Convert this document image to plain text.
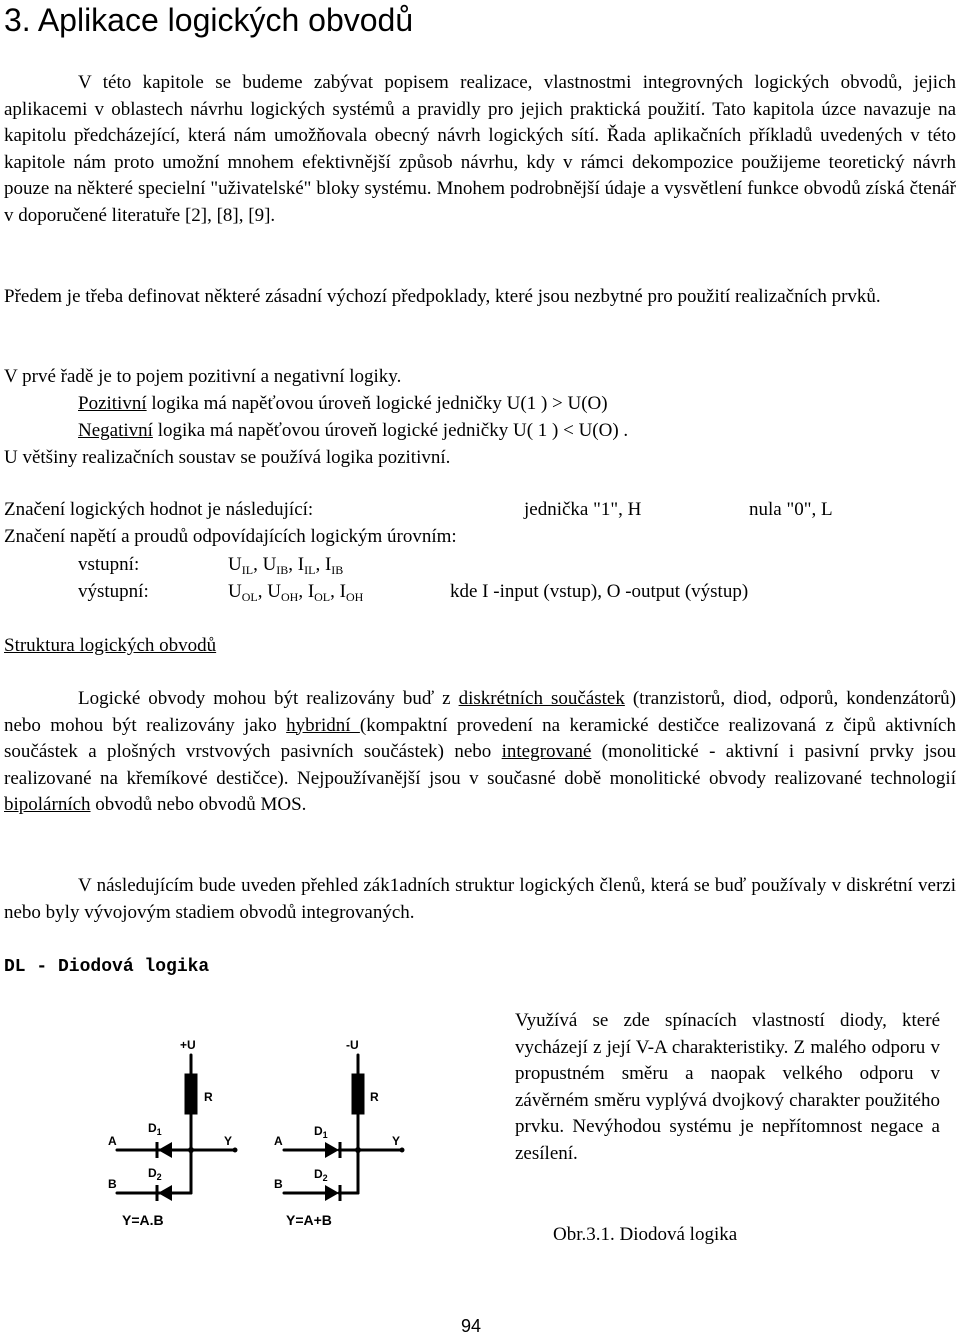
3. Aplikace logických obvodů

V této kapitole se budeme zabývat popisem realizace, vlastnostmi integrovných logických obvodů, jejich aplikacemi v oblastech návrhu logických systémů a pravidly pro jejich praktická použití. Tato kapitola úzce navazuje na kapitolu předcházející, která nám umožňovala obecný návrh logických sítí. Řada aplikačních příkladů uvedených v této kapitole nám proto umožní mnohem efektivnější způsob návrhu, kdy v rámci dekompozice použijeme teoretický návrh pouze na některé specielní "uživatelské" bloky systému. Mnohem podrobnější údaje a vysvětlení funkce obvodů získá čtenář v doporučené literatuře [2], [8], [9].

Předem je třeba definovat některé zásadní výchozí předpoklady, které jsou nezbytné pro použití realizačních prvků.

V prvé řadě je to pojem pozitivní a negativní logiky.
Pozitivní logika má napěťovou úroveň logické jedničky U(1 ) > U(O)
Negativní logika má napěťovou úroveň logické jedničky U( 1 ) < U(O) .
U většiny realizačních soustav se používá logika pozitivní.
Značení logických hodnot je následující:	jednička "1", H	nula "0", L
Značení napětí a proudů odpovídajících logickým úrovním:
vstupní:	$U_{IL}$, $U_{IB}$, $I_{IL}$, $I_{IB}$
výstupní:	$U_{OL}$, $U_{OH}$, $I_{OL}$, $I_{OH}$	kde I -input (vstup), O -output (výstup)
Struktura logických obvodů

Logické obvody mohou být realizovány buď z diskrétních součástek (tranzistorů, diod, odporů, kondenzátorů) nebo mohou být realizovány jako hybridní (kompaktní provedení na keramické destičce realizovaná z čipů aktivních součástek a plošných vrstvových pasivních součástek) nebo integrované (monolitické - aktivní i pasivní prvky jsou realizované na křemíkové destičce). Nejpoužívanější jsou v současné době monolitické obvody realizované technologií bipolárních obvodů nebo obvodů MOS.

V následujícím bude uveden přehled zák1adních struktur logických členů, která se buď používaly v diskrétní verzi nebo byly vývojovým stadiem obvodů integrovaných.

DL - Diodová logika

Využívá se zde spínacích vlastností diody, které vycházejí z její V-A charakteristiky. Z malého odporu v propustném směru a naopak velkého odporu v závěrném směru vyplývá dvojkový charakter použitého prvku. Nevýhodou systému je nepřítomnost negace a zesílení.

Obr.3.1. Diodová logika
+U
$D_1$
$D_2$
R
A
B
Y
Y=A.B
-U
$D_1$
$D_2$
R
A
B
Y
Y=A+B
94
